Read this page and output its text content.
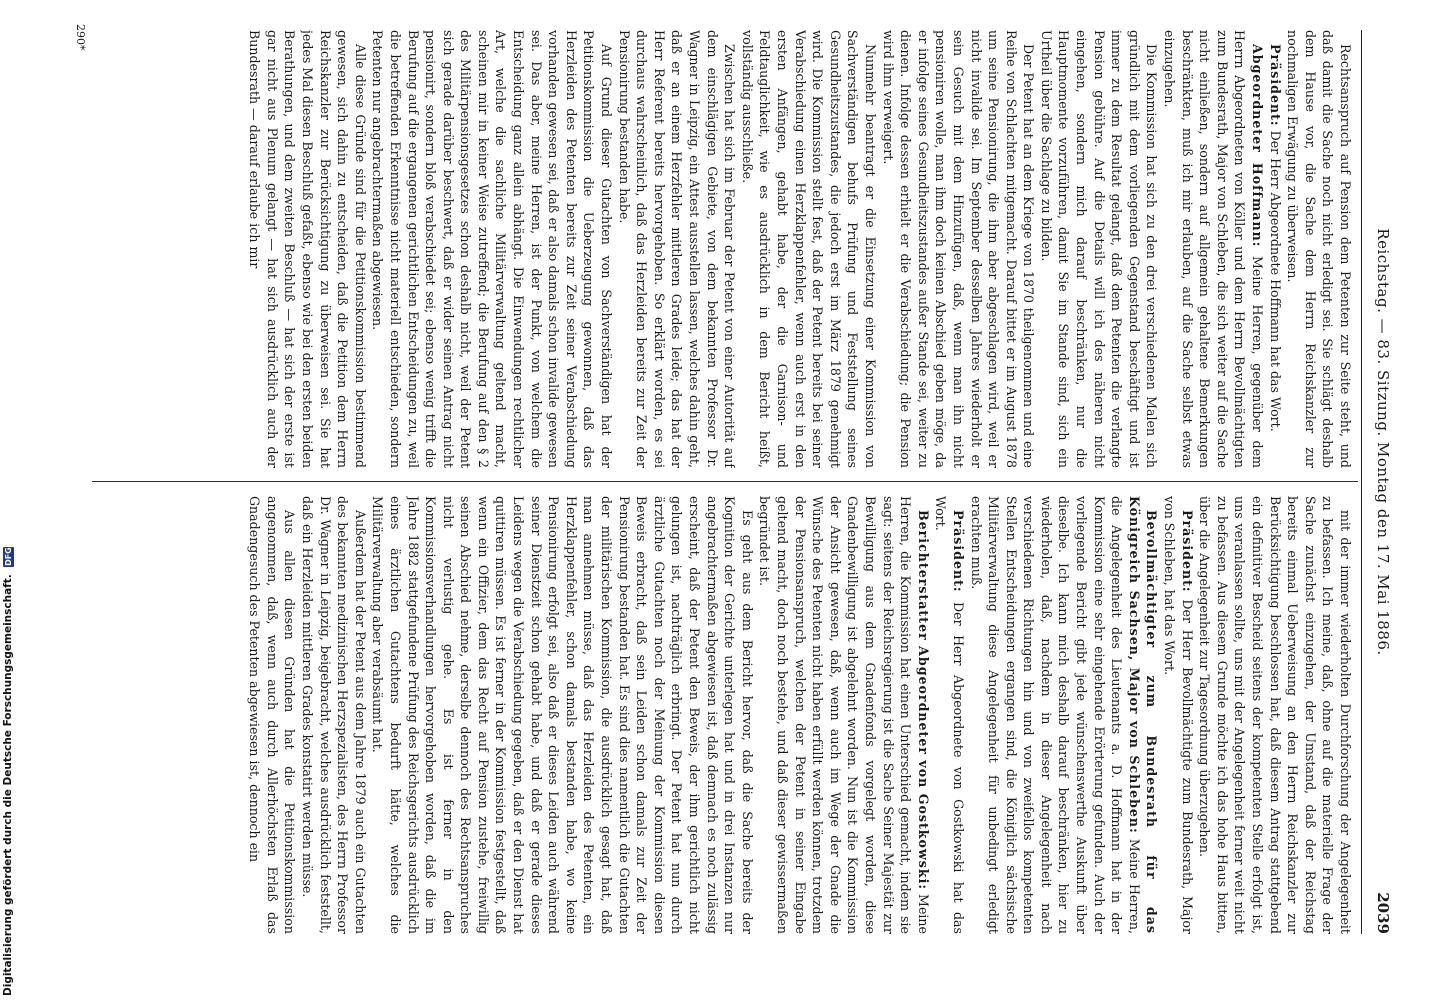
Reichstag. — 83. Sitzung. Montag den 17. Mai 1886.
2039

Rechtsanspruch auf Pension dem Petenten zur Seite steht, und daß damit die Sache noch nicht erledigt sei. Sie schlägt deshalb dem Hause vor, die Sache dem Herrn Reichskanzler zur nochmaligen Erwägung zu überweisen.

Präsident: Der Herr Abgeordnete Hoffmann hat das Wort.

Abgeordneter Hoffmann: Meine Herren, gegenüber dem Herrn Abgeordneten von Köller und dem Herrn Bevollmächtigten zum Bundesrath, Major von Schleben, die sich weiter auf die Sache nicht einließen, sondern auf allgemein gehaltene Bemerkungen beschränkten, muß ich mir erlauben, auf die Sache selbst etwas einzugehen.

Die Kommission hat sich zu den drei verschiedenen Malen sich gründlich mit dem vorliegenden Gegenstand beschäftigt und ist immer zu dem Resultat gelangt, daß dem Petenten die verlangte Pension gebühre. Auf die Details will ich des näheren nicht eingehen, sondern mich darauf beschränken, nur die Hauptmomente vorzuführen, damit Sie im Stande sind, sich ein Urtheil über die Sachlage zu bilden.

Der Petent hat an dem Kriege von 1870 theilgenommen und eine Reihe von Schlachten mitgemacht. Darauf bittet er im August 1878 um seine Pensionirung, die ihm aber abgeschlagen wird, weil er nicht invalide sei. Im September desselben Jahres wiederholt er sein Gesuch mit dem Hinzufügen, daß, wenn man ihn nicht pensioniren wolle, man ihm doch keinen Abschied geben möge, da er infolge seines Gesundheitszustandes außer Stande sei, weiter zu dienen. Infolge dessen erhielt er die Verabschiedung; die Pension wird ihm verweigert.

Nunmehr beantragt er die Einsetzung einer Kommission von Sachverständigen behufs Prüfung und Feststellung seines Gesundheitszustandes, die jedoch erst im März 1879 genehmigt wird. Die Kommission stellt fest, daß der Petent bereits bei seiner Verabschiedung einen Herzklappenfehler, wenn auch erst in den ersten Anfängen, gehabt habe, der die Garnison- und Feldtauglichkeit, wie es ausdrücklich in dem Bericht heißt, vollständig ausschließe.

Zwischen hat sich im Februar der Petent von einer Autorität auf dem einschlägigen Gebiete, von dem bekannten Professor Dr. Wagner in Leipzig, ein Attest ausstellen lassen, welches dahin geht, daß er an einem Herzfehler mittleren Grades leide; das hat der Herr Referent bereits hervorgehoben. So erklärt worden, es sei durchaus wahrscheinlich, daß das Herzleiden bereits zur Zeit der Pensionirung bestanden habe.

Auf Grund dieser Gutachten von Sachverständigen hat der Petitionskommission die Ueberzeugung gewonnen, daß das Herzleiden des Petenten bereits zur Zeit seiner Verabschiedung vorhanden gewesen sei, daß er also damals schon invalide gewesen sei. Das aber, meine Herren, ist der Punkt, von welchem die Entscheidung ganz allein abhängt. Die Einwendungen rechtlicher Art, welche die sachliche Militärverwaltung geltend macht, scheinen mir in keiner Weise zutreffend; die Berufung auf den § 2 des Militärpensionsgesetzes schon deshalb nicht, weil der Petent sich gerade darüber beschwert, daß er wider seinen Antrag nicht pensionirt, sondern bloß verabschiedet sei; ebenso wenig trifft die Berufung auf die ergangenen gerichtlichen Entscheidungen zu, weil die betreffenden Erkenntnisse nicht materiell entschieden, sondern Petenten nur angebrachtermaßen abgewiesen.

Alle diese Gründe sind für die Petitionskommission bestimmend gewesen, sich dahin zu entscheiden, daß die Petition dem Herrn Reichskanzler zur Berücksichtigung zu überweisen sei. Sie hat jedes Mal diesen Beschluß gefaßt, ebenso wie bei den ersten beiden Berathungen, und dem zweiten Beschluß — hat sich der erste ist gar nicht aus Plenum gelangt — hat sich ausdrücklich auch der Bundesrath — darauf erlaube ich mir

mit der immer wiederholten Durchforschung der Angelegenheit zu befassen. Ich meine, daß, ohne auf die materielle Frage der Sache zunächst einzugehen, der Umstand, daß der Reichstag bereits einmal Ueberweisung an den Herrn Reichskanzler zur Berücksichtigung beschlossen hat, daß diesem Antrag stattgebend ein definitiver Bescheid seitens der kompetenten Stelle erfolgt ist, uns veranlassen sollte, uns mit der Angelegenheit ferner weit nicht zu befassen. Aus diesem Grunde möchte ich das hohe Haus bitten, über die Angelegenheit zur Tagesordnung überzugehen.

Präsident: Der Herr Bevollmächtigte zum Bundesrath, Major von Schleben, hat das Wort.

Bevollmächtigter zum Bundesrath für das Königreich Sachsen, Major von Schleben: Meine Herren, die Angelegenheit des Lieutenants a. D. Hoffmann hat in der Kommission eine sehr eingehende Erörterung gefunden. Auch der vorliegende Bericht gibt jede wünschenswerthe Auskunft über dieselbe. Ich kann mich deshalb darauf beschränken, hier zu wiederholen, daß, nachdem in dieser Angelegenheit nach verschiedenen Richtungen hin und von zweifellos kompetenten Stellen Entscheidungen ergangen sind, die Königlich sächsische Militärverwaltung diese Angelegenheit für unbedingt erledigt erachten muß.

Präsident: Der Herr Abgeordnete von Gostkowski hat das Wort.

Berichterstatter Abgeordneter von Gostkowski: Meine Herren, die Kommission hat einen Unterschied gemacht, indem sie sagt: seitens der Reichsregierung ist die Sache Seiner Majestät zur Bewilligung aus dem Gnadenfonds vorgelegt worden, diese Gnadenbewilligung ist abgelehnt worden. Nun ist die Kommission der Ansicht gewesen, daß, wenn auch im Wege der Gnade die Wünsche des Petenten nicht haben erfüllt werden können, trotzdem der Pensionsanspruch, welchen der Petent in seiner Eingabe geltend macht, doch noch bestehe, und daß dieser gewissermaßen begründet ist.

Es geht aus dem Bericht hervor, daß die Sache bereits der Kognition der Gerichte unterlegen hat und in drei Instanzen nur angebrachtermaßen abgewiesen ist, daß demnach es noch zulässig erscheint, daß der Petent den Beweis, der ihm gerichtlich nicht gelungen ist, nachträglich erbringt. Der Petent hat nun durch ärztliche Gutachten noch der Meinung der Kommission diesen Beweis erbracht, daß sein Leiden schon damals zur Zeit der Pensionirung bestanden hat. Es sind dies namentlich die Gutachten der militärischen Kommission, die ausdrücklich gesagt hat, daß man annehmen müsse, daß das Herzleiden des Petenten, ein Herzklappenfehler, schon damals bestanden habe, wo keine Pensionirung erfolgt sei, also daß er dieses Leiden auch während seiner Dienstzeit schon gehabt habe, und daß er gerade dieses Leidens wegen die Verabschiedung gegeben, daß er den Dienst hat quittiren müssen. Es ist ferner in der Kommission festgestellt, daß wenn ein Offizier, dem das Recht auf Pension zustehe, freiwillig seinen Abschied nehme, derselbe dennoch des Rechtsanspruches nicht verlustig gehe. Es ist ferner in den Kommissionsverhandlungen hervorgehoben worden, daß die im Jahre 1882 stattgefundene Prüfung des Reichsgerichts ausdrücklich eines ärztlichen Gutachtens bedurft hätte, welches die Militärverwaltung aber verabsäumt hat.

Außerdem hat der Petent aus dem Jahre 1879 auch ein Gutachten des bekannten medizinischen Herzspezialisten, des Herrn Professor Dr. Wagner in Leipzig, beigebracht, welches ausdrücklich feststellt, daß ein Herzleiden mittleren Grades konstatirt werden müsse.

Aus allen diesen Gründen hat die Petitionskommission angenommen, daß, wenn auch durch Allerhöchsten Erlaß das Gnadengesuch des Petenten abgewiesen ist, dennoch ein

290*
Digitalisierung gefördert durch die Deutsche Forschungsgemeinschaft. DFG
